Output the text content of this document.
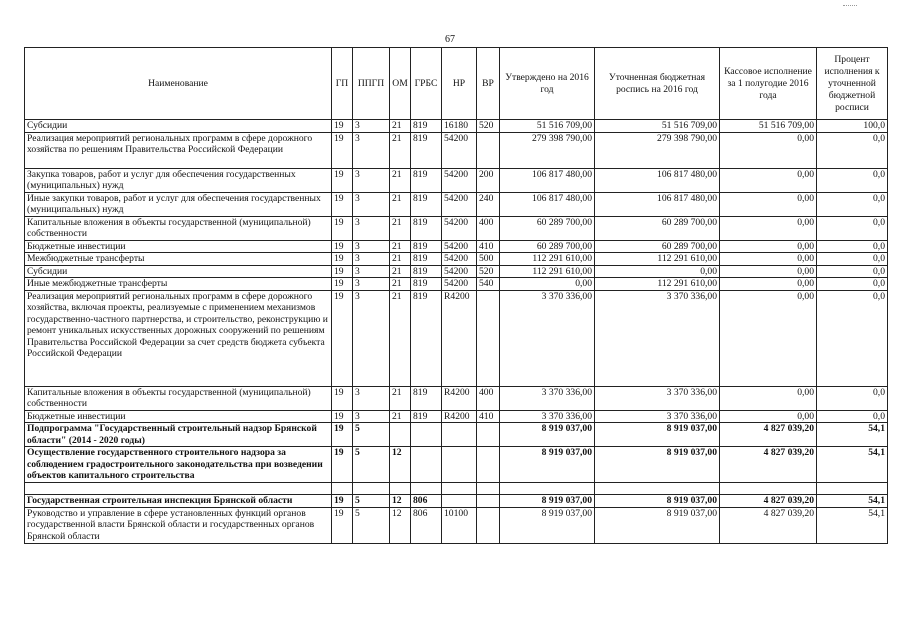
67
Наименование	ГП	ППГП	ОМ	ГРБС	НР	ВР	Утверждено на 2016 год	Уточненная бюджетная роспись на 2016 год	Кассовое исполнение за 1 полугодие 2016 года	Процент исполнения к уточненной бюджетной росписи
Субсидии	19	3	21	819	16180	520	51 516 709,00	51 516 709,00	51 516 709,00	100,0
Реализация мероприятий региональных программ в сфере дорожного хозяйства по решениям Правительства Российской Федерации	19	3	21	819	54200		279 398 790,00	279 398 790,00	0,00	0,0
Закупка товаров, работ и услуг для обеспечения государственных (муниципальных) нужд	19	3	21	819	54200	200	106 817 480,00	106 817 480,00	0,00	0,0
Иные закупки товаров, работ и услуг для обеспечения государственных (муниципальных) нужд	19	3	21	819	54200	240	106 817 480,00	106 817 480,00	0,00	0,0
Капитальные вложения в объекты государственной (муниципальной) собственности	19	3	21	819	54200	400	60 289 700,00	60 289 700,00	0,00	0,0
Бюджетные инвестиции	19	3	21	819	54200	410	60 289 700,00	60 289 700,00	0,00	0,0
Межбюджетные трансферты	19	3	21	819	54200	500	112 291 610,00	112 291 610,00	0,00	0,0
Субсидии	19	3	21	819	54200	520	112 291 610,00	0,00	0,00	0,0
Иные межбюджетные трансферты	19	3	21	819	54200	540	0,00	112 291 610,00	0,00	0,0
Реализация мероприятий региональных программ в сфере дорожного хозяйства, включая проекты, реализуемые с применением механизмов государственно-частного партнерства, и строительство, реконструкцию и ремонт уникальных искусственных дорожных сооружений по решениям Правительства Российской Федерации за счет средств бюджета субъекта Российской Федерации	19	3	21	819	R4200		3 370 336,00	3 370 336,00	0,00	0,0
Капитальные вложения в объекты государственной (муниципальной) собственности	19	3	21	819	R4200	400	3 370 336,00	3 370 336,00	0,00	0,0
Бюджетные инвестиции	19	3	21	819	R4200	410	3 370 336,00	3 370 336,00	0,00	0,0
Подпрограмма "Государственный строительный надзор Брянской области" (2014 - 2020 годы)	19	5					8 919 037,00	8 919 037,00	4 827 039,20	54,1
Осуществление государственного строительного надзора за соблюдением градостроительного законодательства при возведении объектов капитального строительства	19	5	12				8 919 037,00	8 919 037,00	4 827 039,20	54,1

Государственная строительная инспекция Брянской области	19	5	12	806			8 919 037,00	8 919 037,00	4 827 039,20	54,1
Руководство и управление в сфере установленных функций органов государственной власти Брянской области и государственных органов Брянской области	19	5	12	806	10100		8 919 037,00	8 919 037,00	4 827 039,20	54,1
